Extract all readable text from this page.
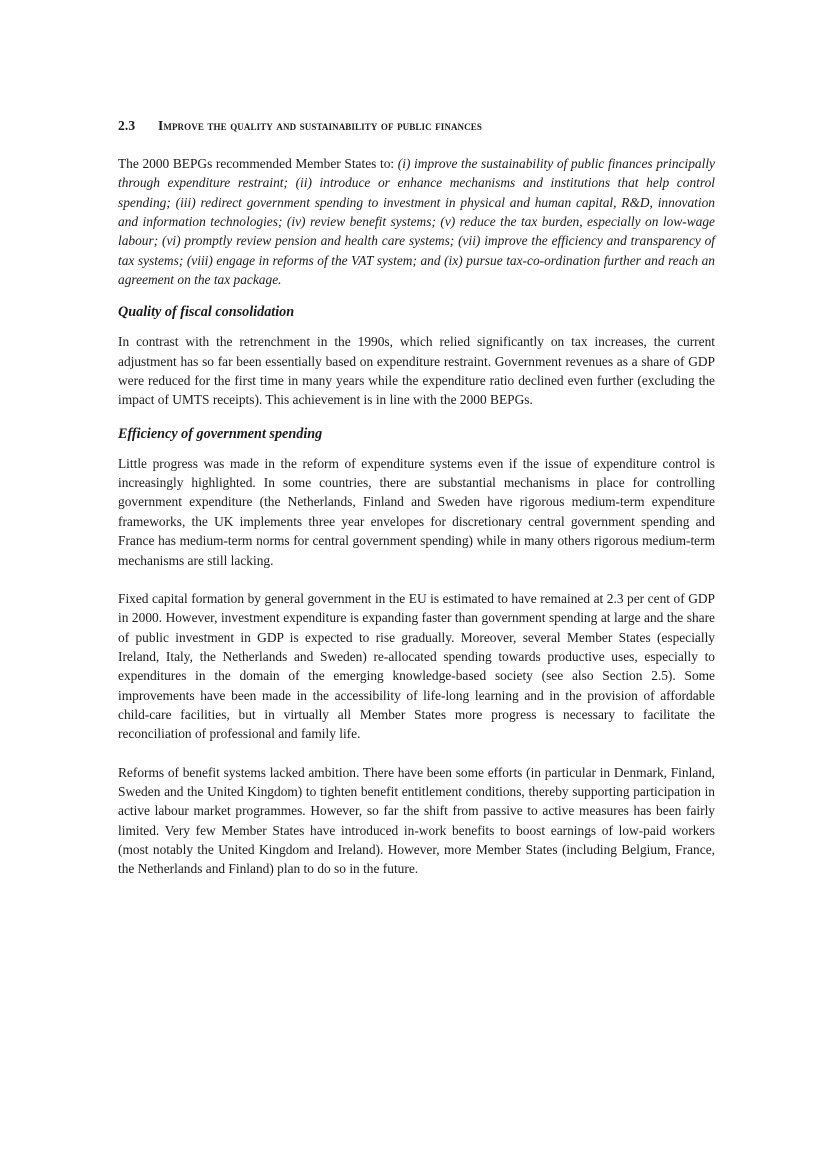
2.3 Improve the quality and sustainability of public finances

The 2000 BEPGs recommended Member States to: (i) improve the sustainability of public finances principally through expenditure restraint; (ii) introduce or enhance mechanisms and institutions that help control spending; (iii) redirect government spending to investment in physical and human capital, R&D, innovation and information technologies; (iv) review benefit systems; (v) reduce the tax burden, especially on low-wage labour; (vi) promptly review pension and health care systems; (vii) improve the efficiency and transparency of tax systems; (viii) engage in reforms of the VAT system; and (ix) pursue tax-co-ordination further and reach an agreement on the tax package.

Quality of fiscal consolidation

In contrast with the retrenchment in the 1990s, which relied significantly on tax increases, the current adjustment has so far been essentially based on expenditure restraint. Government revenues as a share of GDP were reduced for the first time in many years while the expenditure ratio declined even further (excluding the impact of UMTS receipts). This achievement is in line with the 2000 BEPGs.

Efficiency of government spending

Little progress was made in the reform of expenditure systems even if the issue of expenditure control is increasingly highlighted. In some countries, there are substantial mechanisms in place for controlling government expenditure (the Netherlands, Finland and Sweden have rigorous medium-term expenditure frameworks, the UK implements three year envelopes for discretionary central government spending and France has medium-term norms for central government spending) while in many others rigorous medium-term mechanisms are still lacking.

Fixed capital formation by general government in the EU is estimated to have remained at 2.3 per cent of GDP in 2000. However, investment expenditure is expanding faster than government spending at large and the share of public investment in GDP is expected to rise gradually. Moreover, several Member States (especially Ireland, Italy, the Netherlands and Sweden) re-allocated spending towards productive uses, especially to expenditures in the domain of the emerging knowledge-based society (see also Section 2.5). Some improvements have been made in the accessibility of life-long learning and in the provision of affordable child-care facilities, but in virtually all Member States more progress is necessary to facilitate the reconciliation of professional and family life.

Reforms of benefit systems lacked ambition. There have been some efforts (in particular in Denmark, Finland, Sweden and the United Kingdom) to tighten benefit entitlement conditions, thereby supporting participation in active labour market programmes. However, so far the shift from passive to active measures has been fairly limited. Very few Member States have introduced in-work benefits to boost earnings of low-paid workers (most notably the United Kingdom and Ireland). However, more Member States (including Belgium, France, the Netherlands and Finland) plan to do so in the future.
